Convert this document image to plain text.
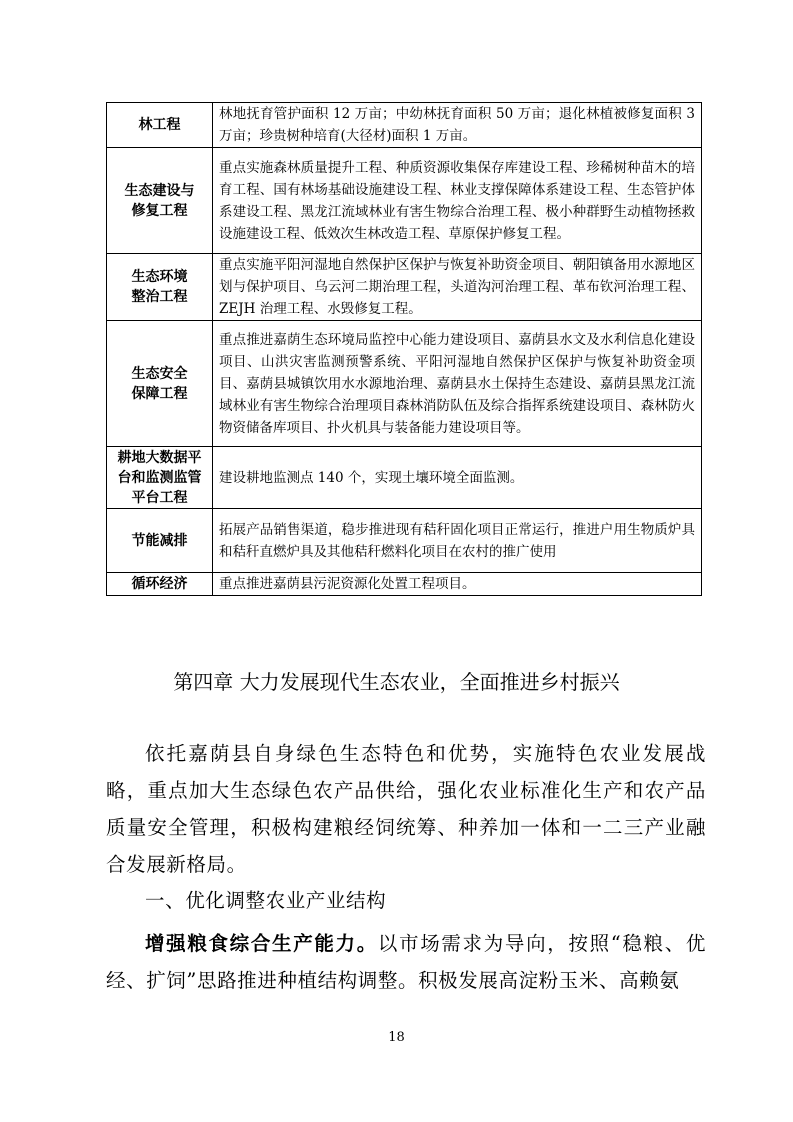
林工程	林地抚育管护面积 12 万亩；中幼林抚育面积 50 万亩；退化林植被修复面积 3 万亩；珍贵树种培育(大径材)面积 1 万亩。
生态建设与
修复工程	重点实施森林质量提升工程、种质资源收集保存库建设工程、珍稀树种苗木的培育工程、国有林场基础设施建设工程、林业支撑保障体系建设工程、生态管护体系建设工程、黑龙江流域林业有害生物综合治理工程、极小种群野生动植物拯救设施建设工程、低效次生林改造工程、草原保护修复工程。
生态环境
整治工程	重点实施平阳河湿地自然保护区保护与恢复补助资金项目、朝阳镇备用水源地区划与保护项目、乌云河二期治理工程，头道沟河治理工程、革布钦河治理工程、ZEJH 治理工程、水毁修复工程。
生态安全
保障工程	重点推进嘉荫生态环境局监控中心能力建设项目、嘉荫县水文及水利信息化建设项目、山洪灾害监测预警系统、平阳河湿地自然保护区保护与恢复补助资金项目、嘉荫县城镇饮用水水源地治理、嘉荫县水土保持生态建设、嘉荫县黑龙江流域林业有害生物综合治理项目森林消防队伍及综合指挥系统建设项目、森林防火物资储备库项目、扑火机具与装备能力建设项目等。
耕地大数据平
台和监测监管
平台工程	建设耕地监测点 140 个，实现土壤环境全面监测。
节能减排	拓展产品销售渠道，稳步推进现有秸秆固化项目正常运行，推进户用生物质炉具和秸秆直燃炉具及其他秸秆燃料化项目在农村的推广使用
循环经济	重点推进嘉荫县污泥资源化处置工程项目。
第四章 大力发展现代生态农业，全面推进乡村振兴

依托嘉荫县自身绿色生态特色和优势，实施特色农业发展战略，重点加大生态绿色农产品供给，强化农业标准化生产和农产品质量安全管理，积极构建粮经饲统筹、种养加一体和一二三产业融合发展新格局。

一、优化调整农业产业结构

增强粮食综合生产能力。以市场需求为导向，按照“稳粮、优经、扩饲”思路推进种植结构调整。积极发展高淀粉玉米、高赖氨

18
